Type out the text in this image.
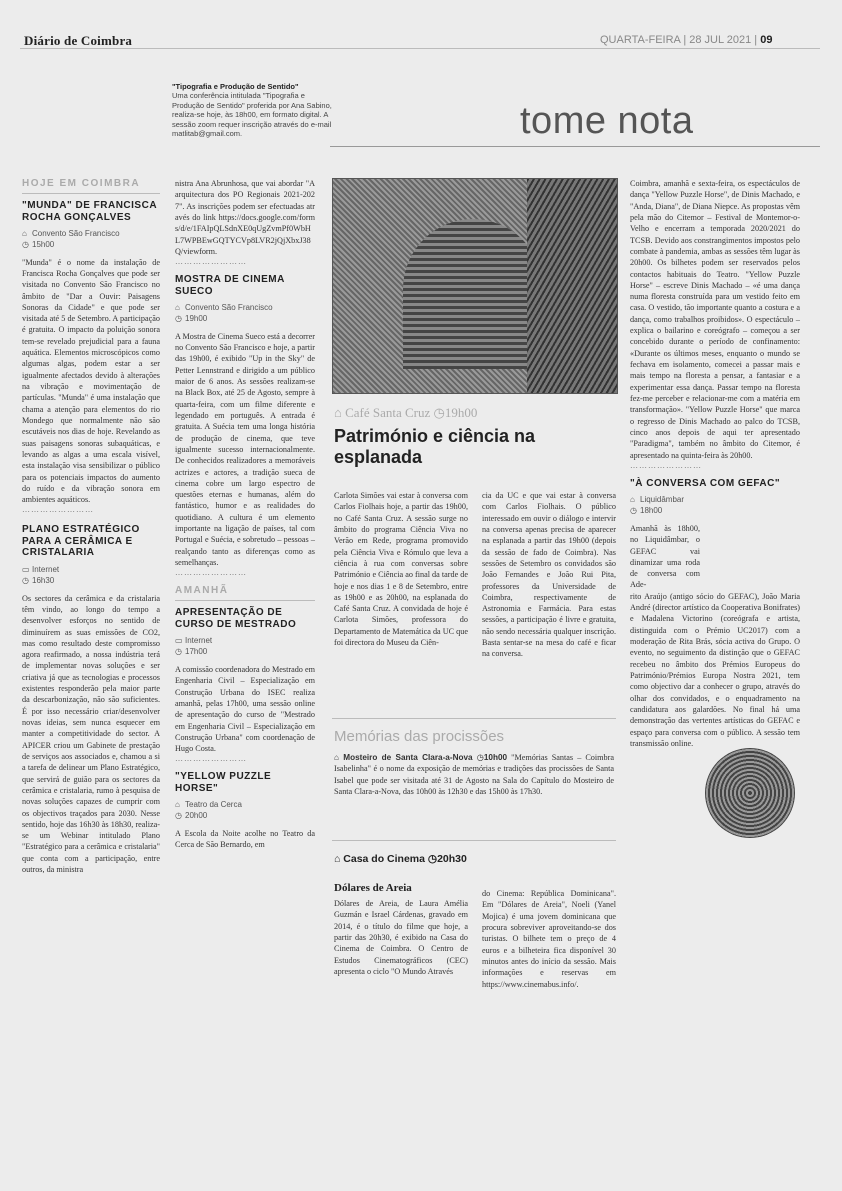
Diário de Coimbra	QUARTA-FEIRA | 28 JUL 2021 | 09
"Tipografia e Produção de Sentido"
Uma conferência intitulada "Tipografia e Produção de Sentido" proferida por Ana Sabino, realiza-se hoje, às 18h00, em formato digital. A sessão zoom requer inscrição através do e-mail matlitab@gmail.com.	tome nota
HOJE EM COIMBRA
"MUNDA" DE FRANCISCA ROCHA GONÇALVES
⌂ Convento São Francisco
◷ 15h00
"Munda" é o nome da instalação de Francisca Rocha Gonçalves que pode ser visitada no Convento São Francisco no âmbito de "Dar a Ouvir: Paisagens Sonoras da Cidade" e que pode ser visitada até 5 de Setembro. A participação é gratuita. O impacto da poluição sonora tem-se revelado prejudicial para a fauna aquática. Elementos microscópicos como algumas algas, podem estar a ser igualmente afectados devido à alterações na vibração e movimentação de partículas. "Munda" é uma instalação que chama a atenção para elementos do rio Mondego que normalmente não são escutáveis nos dias de hoje. Revelando as suas paisagens sonoras subaquáticas, e levando as algas a uma escala visível, esta instalação visa sensibilizar o público para os potenciais impactos do aumento do ruído e da vibração sonora em ambientes aquáticos.
……………………
PLANO ESTRATÉGICO PARA A CERÂMICA E CRISTALARIA
▭ Internet
◷ 16h30
Os sectores da cerâmica e da cristalaria têm vindo, ao longo do tempo a desenvolver esforços no sentido de diminuírem as suas emissões de CO2, mas como resultado deste compromisso agora reafirmado, a nossa indústria terá de implementar novas soluções e ser criativa já que as tecnologias e processos existentes responderão pela maior parte da descarbonização, não são suficientes. É por isso necessário criar/desenvolver novas ideias, sem nunca esquecer em manter a competitividade do sector. A APICER criou um Gabinete de prestação de serviços aos associados e, chamou a si a tarefa de delinear um Plano Estratégico, que servirá de guião para os sectores da cerâmica e cristalaria, rumo à pesquisa de novas soluções capazes de cumprir com os objectivos traçados para 2030. Nesse sentido, hoje das 16h30 às 18h30, realiza-se um Webinar intitulado Plano "Estratégico para a cerâmica e cristalaria" que conta com a participação, entre outros, da ministra
nistra Ana Abrunhosa, que vai abordar "A arquitectura dos PO Regionais 2021-2027". As inscrições podem ser efectuadas através do link https://docs.google.com/forms/d/e/1FAIpQLSdnXE0qUgZvmPf0WbHL7WPBEwGQTYCVp8LVR2jQjXbxJ38Q/viewform.
……………………
MOSTRA DE CINEMA SUECO
⌂ Convento São Francisco
◷ 19h00
A Mostra de Cinema Sueco está a decorrer no Convento São Francisco e hoje, a partir das 19h00, é exibido "Up in the Sky" de Petter Lennstrand e dirigido a um público maior de 6 anos. As sessões realizam-se na Black Box, até 25 de Agosto, sempre à quarta-feira, com um filme diferente e legendado em português. A entrada é gratuita. A Suécia tem uma longa história de produção de cinema, que teve igualmente sucesso internacionalmente. De conhecidos realizadores a memoráveis actrizes e actores, a tradição sueca de cinema cobre um largo espectro de questões eternas e humanas, além do fantástico, humor e as realidades do quotidiano. A cultura é um elemento importante na ligação de países, tal com Portugal e Suécia, e sobretudo – pessoas – realçando tanto as diferenças como as semelhanças.
……………………
AMANHÃ
APRESENTAÇÃO DE CURSO DE MESTRADO
▭ Internet
◷ 17h00
A comissão coordenadora do Mestrado em Engenharia Civil – Especialização em Construção Urbana do ISEC realiza amanhã, pelas 17h00, uma sessão online de apresentação do curso de "Mestrado em Engenharia Civil – Especialização em Construção Urbana" com coordenação de Hugo Costa.
……………………
"YELLOW PUZZLE HORSE"
⌂ Teatro da Cerca
◷ 20h00
A Escola da Noite acolhe no Teatro da Cerca de São Bernardo, em
⌂ Café Santa Cruz ◷19h00
Património e ciência na esplanada
Carlota Simões vai estar à conversa com Carlos Fiolhais hoje, a partir das 19h00, no Café Santa Cruz. A sessão surge no âmbito do programa Ciência Viva no Verão em Rede, programa promovido pela Ciência Viva e Rómulo que leva a ciência à rua com conversas sobre Património e Ciência ao final da tarde de hoje e nos dias 1 e 8 de Setembro, entre as 19h00 e as 20h00, na esplanada do Café Santa Cruz. A convidada de hoje é Carlota Simões, professora do Departamento de Matemática da UC que foi directora do Museu da Ciên-
cia da UC e que vai estar à conversa com Carlos Fiolhais. O público interessado em ouvir o diálogo e intervir na conversa apenas precisa de aparecer na esplanada a partir das 19h00 (depois da sessão de fado de Coimbra). Nas sessões de Setembro os convidados são João Fernandes e João Rui Pita, professores da Universidade de Coimbra, respectivamente de Astronomia e Farmácia. Para estas sessões, a participação é livre e gratuita, não sendo necessária qualquer inscrição. Basta sentar-se na mesa do café e ficar na conversa.
Memórias das procissões
⌂ Mosteiro de Santa Clara-a-Nova ◷10h00 "Memórias Santas – Coimbra Isabelinha" é o nome da exposição de memórias e tradições das procissões de Santa Isabel que pode ser visitada até 31 de Agosto na Sala do Capítulo do Mosteiro de Santa Clara-a-Nova, das 10h00 às 12h30 e das 15h00 às 17h30.
⌂ Casa do Cinema ◷20h30
Dólares de Areia
Dólares de Areia, de Laura Amélia Guzmán e Israel Cárdenas, gravado em 2014, é o título do filme que hoje, a partir das 20h30, é exibido na Casa do Cinema de Coimbra. O Centro de Estudos Cinematográficos (CEC) apresenta o ciclo "O Mundo Através
do Cinema: República Dominicana". Em "Dólares de Areia", Noeli (Yanel Mojica) é uma jovem dominicana que procura sobreviver aproveitando-se dos turistas. O bilhete tem o preço de 4 euros e a bilheteira fica disponível 30 minutos antes do início da sessão. Mais informações e reservas em https://www.cinemabus.info/.
Coimbra, amanhã e sexta-feira, os espectáculos de dança "Yellow Puzzle Horse", de Dinis Machado, e "Anda, Diana", de Diana Niepce. As propostas vêm pela mão do Citemor – Festival de Montemor-o-Velho e encerram a temporada 2020/2021 do TCSB. Devido aos constrangimentos impostos pelo combate à pandemia, ambas as sessões têm lugar às 20h00. Os bilhetes podem ser reservados pelos contactos habituais do Teatro. "Yellow Puzzle Horse" – escreve Dinis Machado – «é uma dança numa floresta construída para um vestido feito em casa. O vestido, tão importante quanto a costura e a dança, como trabalhos proibidos». O espectáculo – explica o bailarino e coreógrafo – começou a ser concebido durante o período de confinamento: «Durante os últimos meses, enquanto o mundo se fechava em isolamento, comecei a passar mais e mais tempo na floresta a pensar, a fantasiar e a experimentar essa dança. Passar tempo na floresta fez-me perceber e relacionar-me com a matéria em transformação». "Yellow Puzzle Horse" que marca o regresso de Dinis Machado ao palco do TCSB, cinco anos depois de aqui ter apresentado "Paradigma", também no âmbito do Citemor, é apresentado na quinta-feira às 20h00.
……………………
"À CONVERSA COM GEFAC"
⌂ Liquidâmbar
◷ 18h00
Amanhã às 18h00, no Liquidâmbar, o GEFAC vai dinamizar uma roda de conversa com Ade-
rito Araújo (antigo sócio do GEFAC), João Maria André (director artístico da Cooperativa Bonifrates) e Madalena Victorino (coreógrafa e artista, distinguida com o Prémio UC2017) com a moderação de Rita Brás, sócia activa do Grupo. O evento, no seguimento da distinção que o GEFAC recebeu no âmbito dos Prémios Europeus do Património/Prémios Europa Nostra 2021, tem como objectivo dar a conhecer o grupo, através do olhar dos convidados, e o enquadramento na candidatura aos galardões. No final há uma demonstração das vertentes artísticas do GEFAC e espaço para conversa com o público. A sessão tem transmissão online.
